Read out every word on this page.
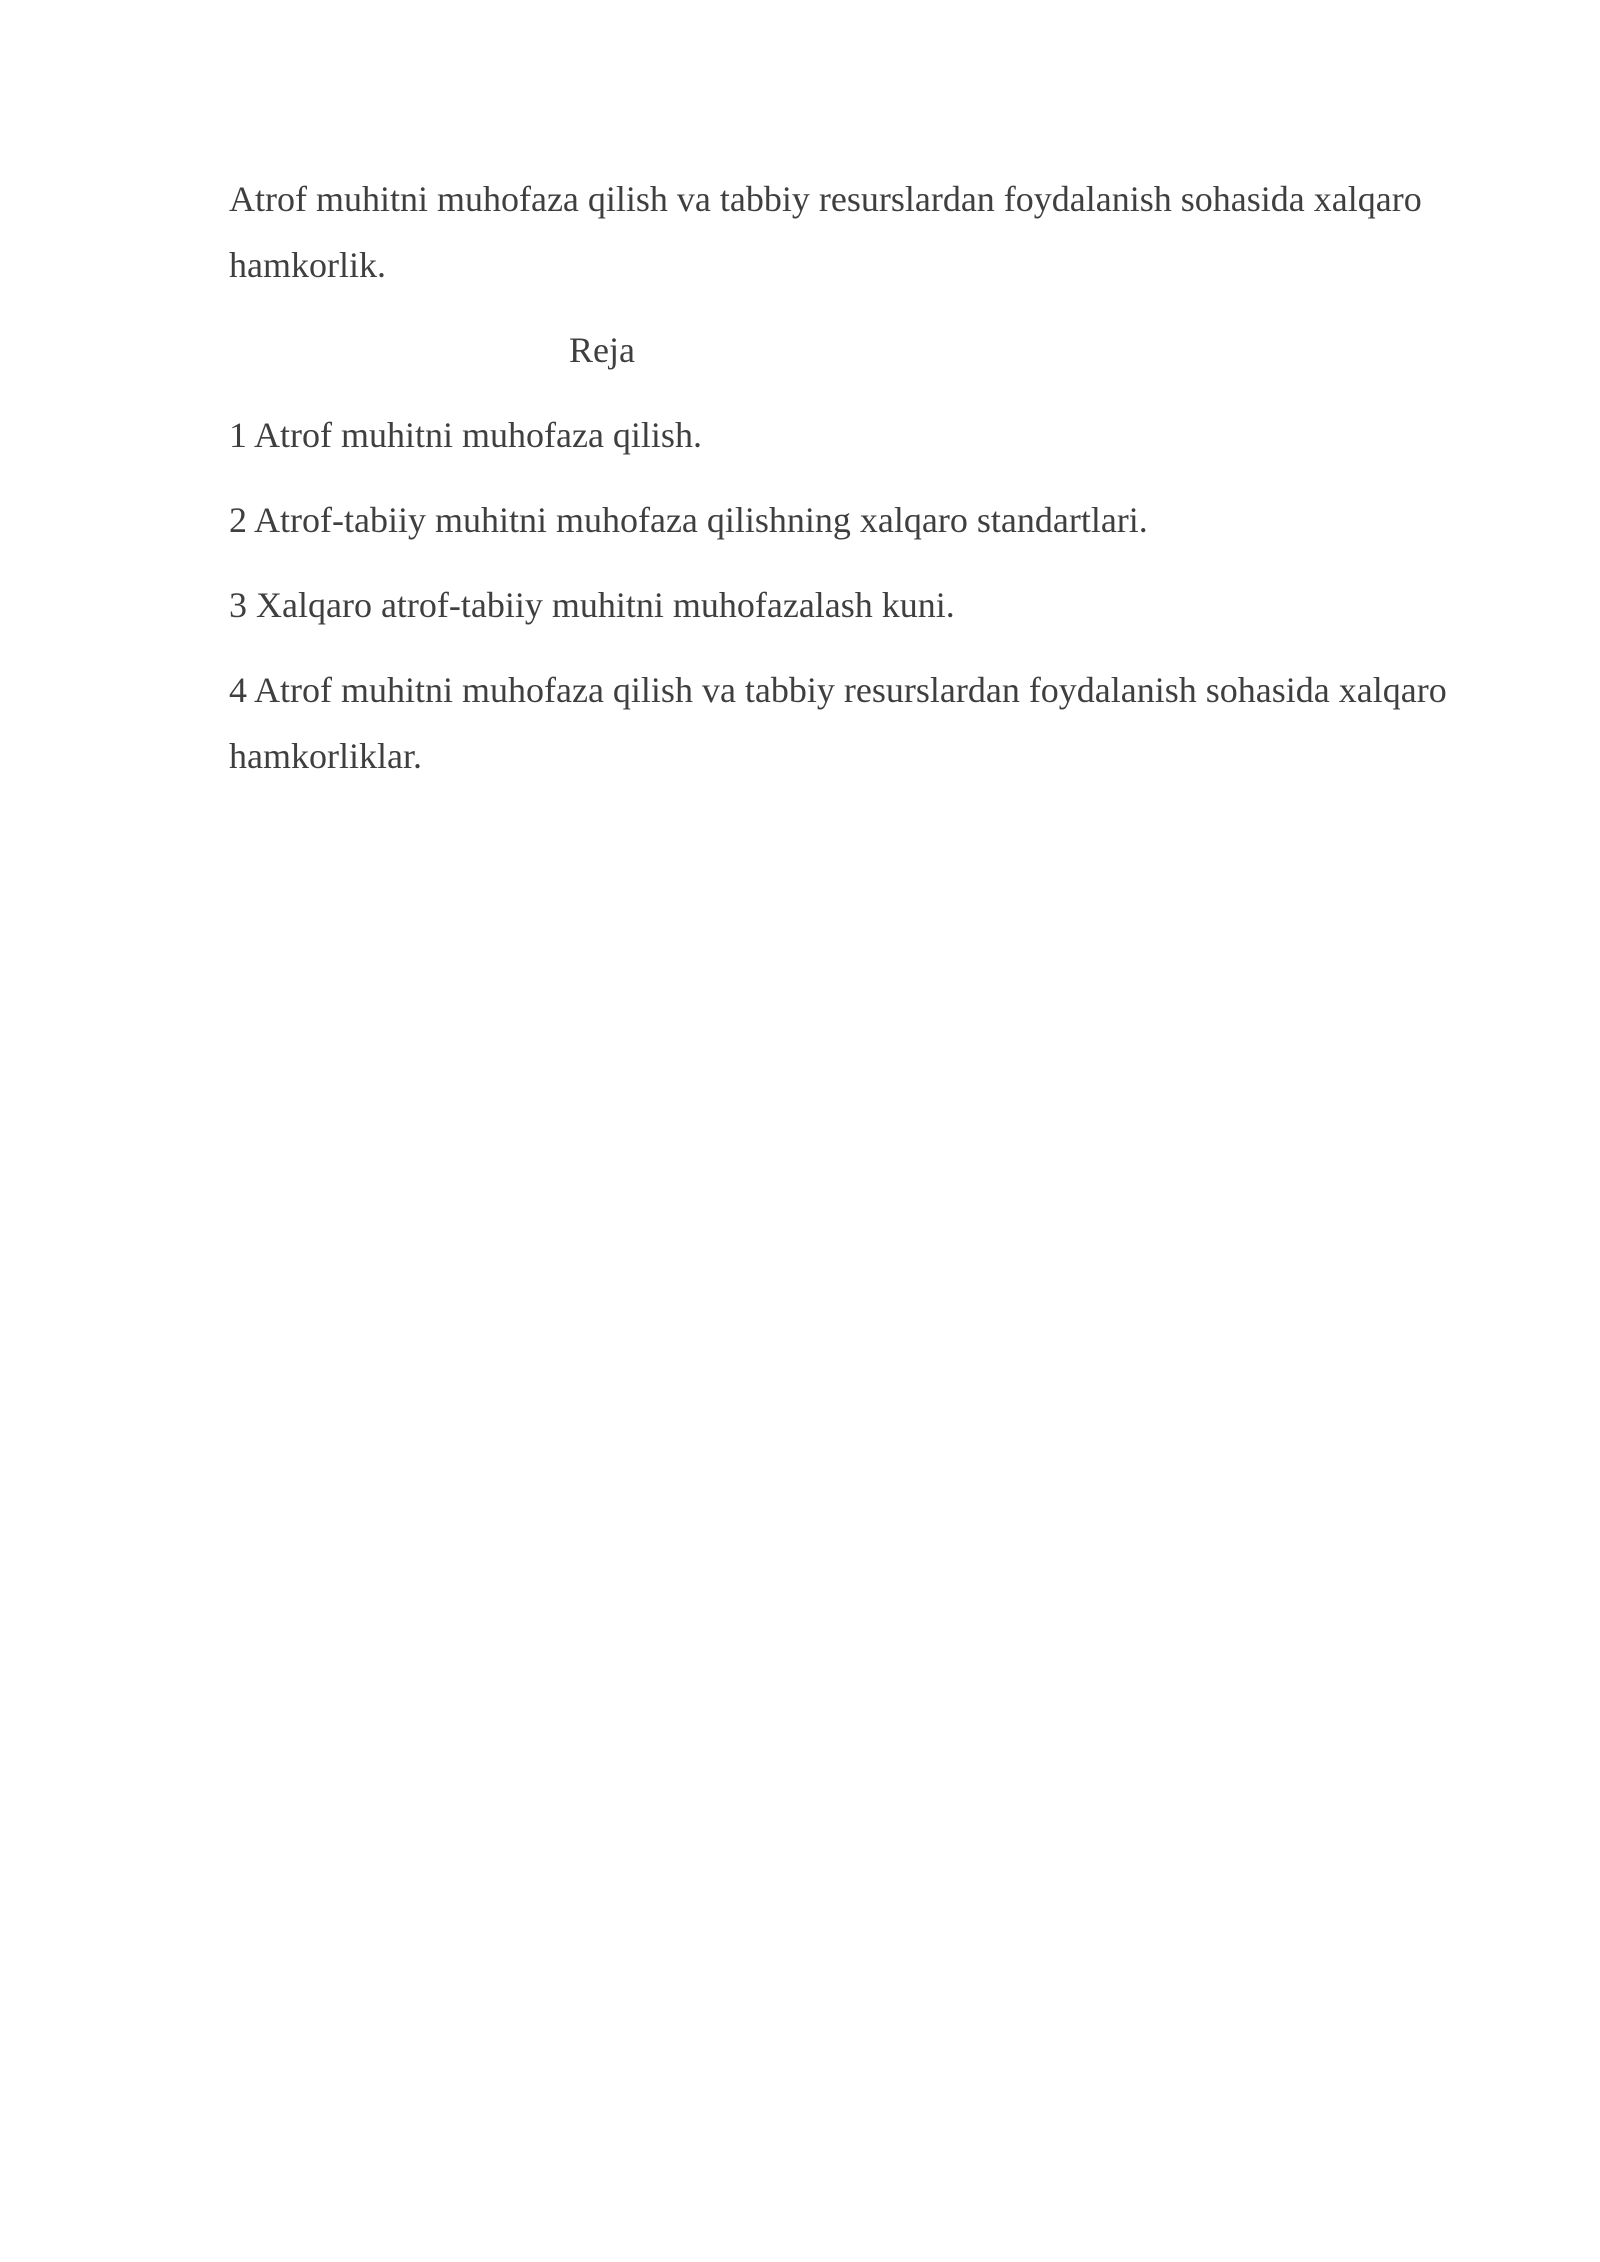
Atrof muhitni muhofaza qilish va tabbiy resurslardan foydalanish sohasida xalqaro hamkorlik.

Reja

1 Atrof muhitni muhofaza qilish.
2 Atrof-tabiiy muhitni muhofaza qilishning xalqaro standartlari.
3 Xalqaro atrof-tabiiy muhitni muhofazalash kuni.
4 Atrof muhitni muhofaza qilish va tabbiy resurslardan foydalanish sohasida xalqaro hamkorliklar.
